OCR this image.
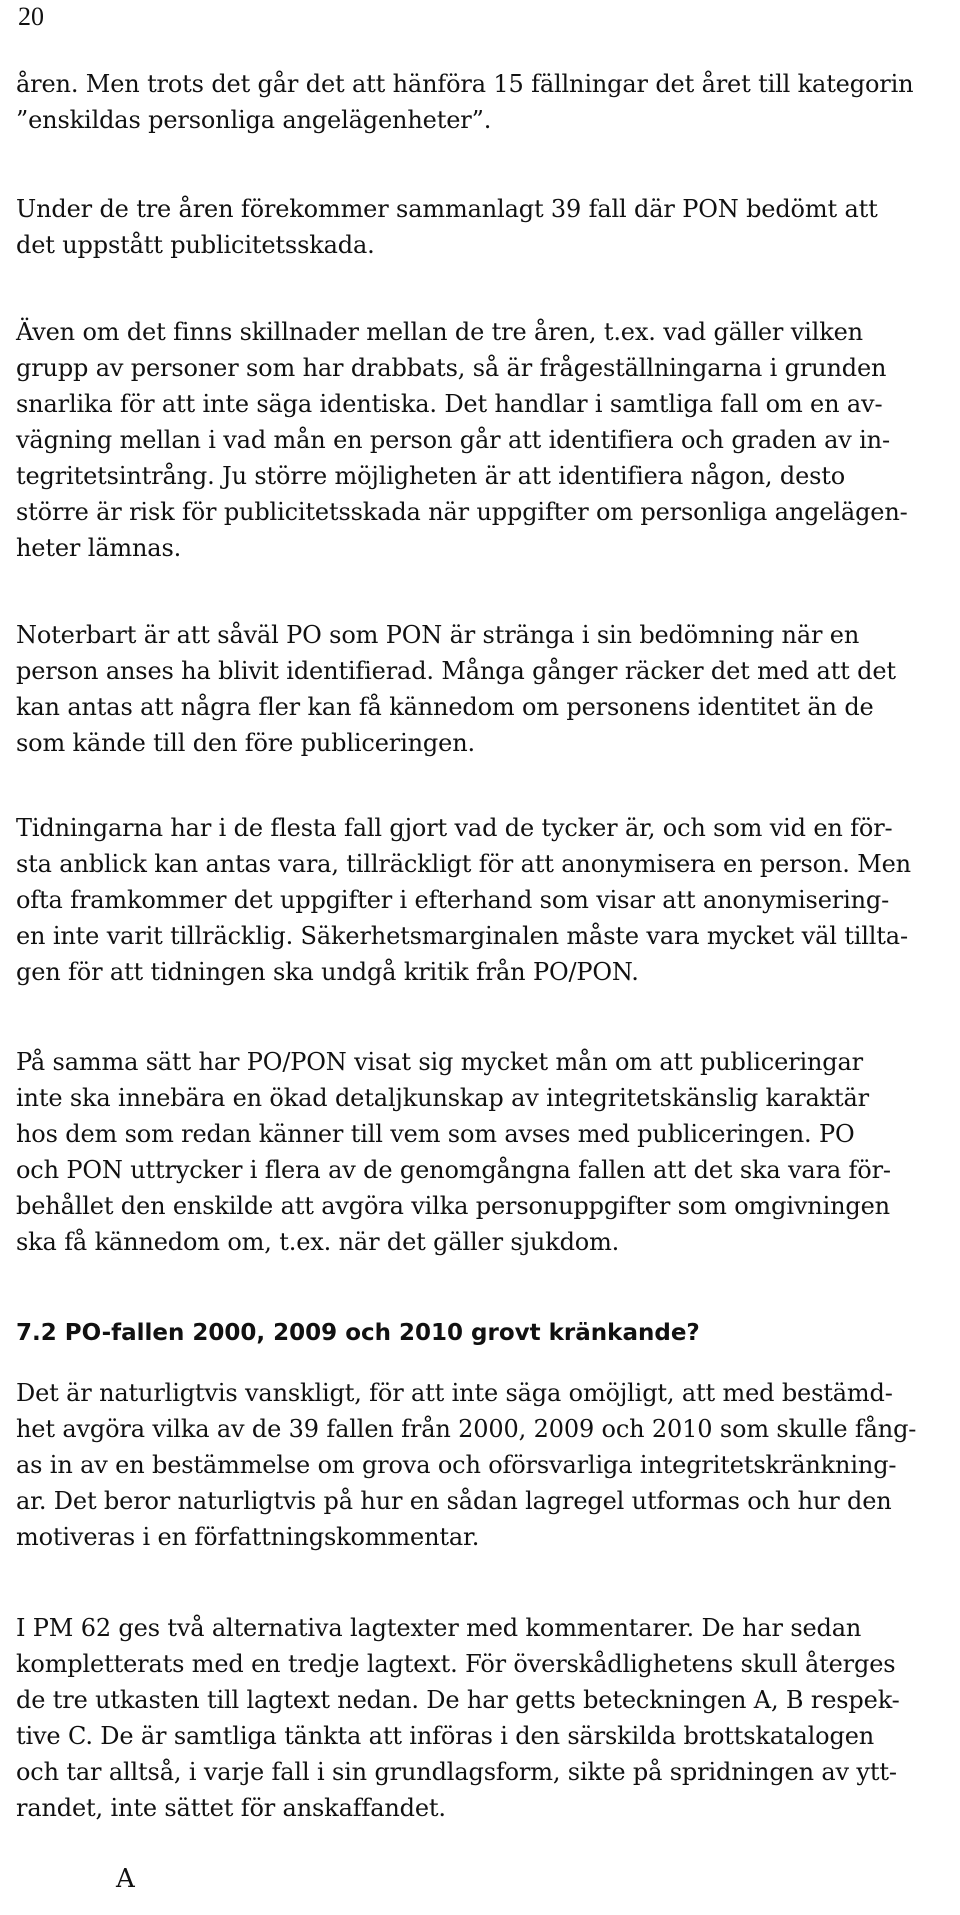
20
åren. Men trots det går det att hänföra 15 fällningar det året till kategorin
”enskildas personliga angelägenheter”.
Under de tre åren förekommer sammanlagt 39 fall där PON bedömt att
det uppstått publicitetsskada.
Även om det finns skillnader mellan de tre åren, t.ex. vad gäller vilken
grupp av personer som har drabbats, så är frågeställningarna i grunden
snarlika för att inte säga identiska. Det handlar i samtliga fall om en av-
vägning mellan i vad mån en person går att identifiera och graden av in-
tegritetsintrång. Ju större möjligheten är att identifiera någon, desto
större är risk för publicitetsskada när uppgifter om personliga angelägen-
heter lämnas.
Noterbart är att såväl PO som PON är stränga i sin bedömning när en
person anses ha blivit identifierad. Många gånger räcker det med att det
kan antas att några fler kan få kännedom om personens identitet än de
som kände till den före publiceringen.
Tidningarna har i de flesta fall gjort vad de tycker är, och som vid en för-
sta anblick kan antas vara, tillräckligt för att anonymisera en person. Men
ofta framkommer det uppgifter i efterhand som visar att anonymisering-
en inte varit tillräcklig. Säkerhetsmarginalen måste vara mycket väl tillta-
gen för att tidningen ska undgå kritik från PO/PON.
På samma sätt har PO/PON visat sig mycket mån om att publiceringar
inte ska innebära en ökad detaljkunskap av integritetskänslig karaktär
hos dem som redan känner till vem som avses med publiceringen. PO
och PON uttrycker i flera av de genomgångna fallen att det ska vara för-
behållet den enskilde att avgöra vilka personuppgifter som omgivningen
ska få kännedom om, t.ex. när det gäller sjukdom.
7.2 PO-fallen 2000, 2009 och 2010 grovt kränkande?
Det är naturligtvis vanskligt, för att inte säga omöjligt, att med bestämd-
het avgöra vilka av de 39 fallen från 2000, 2009 och 2010 som skulle fång-
as in av en bestämmelse om grova och oförsvarliga integritetskränkning-
ar. Det beror naturligtvis på hur en sådan lagregel utformas och hur den
motiveras i en författningskommentar.
I PM 62 ges två alternativa lagtexter med kommentarer. De har sedan
kompletterats med en tredje lagtext. För överskådlighetens skull återges
de tre utkasten till lagtext nedan. De har getts beteckningen A, B respek-
tive C. De är samtliga tänkta att införas i den särskilda brottskatalogen
och tar alltså, i varje fall i sin grundlagsform, sikte på spridningen av ytt-
randet, inte sättet för anskaffandet.
A
